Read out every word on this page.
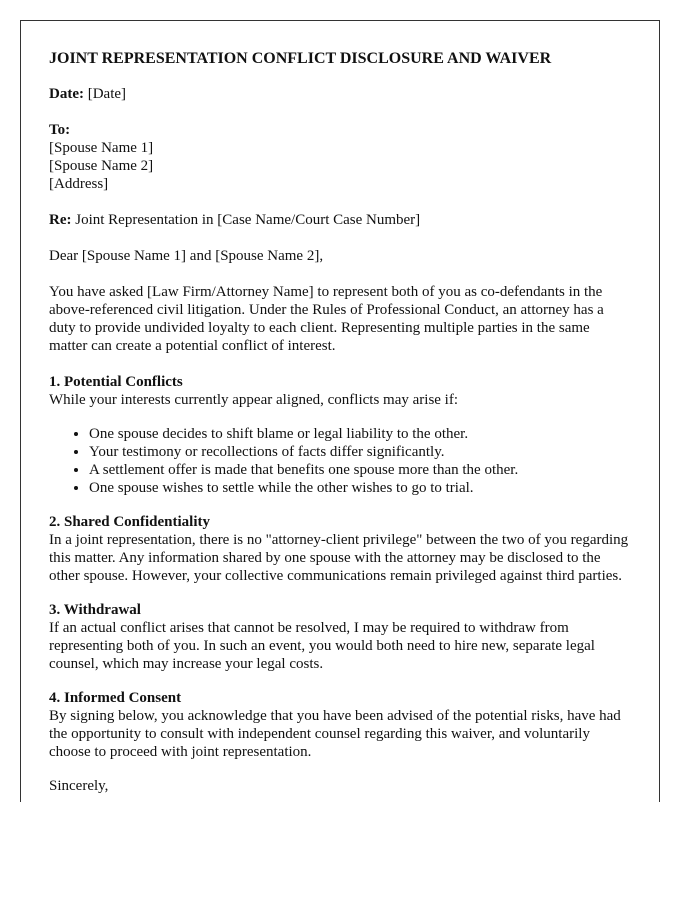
JOINT REPRESENTATION CONFLICT DISCLOSURE AND WAIVER
Date: [Date]
To:
[Spouse Name 1]
[Spouse Name 2]
[Address]
Re: Joint Representation in [Case Name/Court Case Number]

Dear [Spouse Name 1] and [Spouse Name 2],

You have asked [Law Firm/Attorney Name] to represent both of you as co-defendants in the above-referenced civil litigation. Under the Rules of Professional Conduct, an attorney has a duty to provide undivided loyalty to each client. Representing multiple parties in the same matter can create a potential conflict of interest.

1. Potential Conflicts

While your interests currently appear aligned, conflicts may arise if:

• One spouse decides to shift blame or legal liability to the other.
• Your testimony or recollections of facts differ significantly.
• A settlement offer is made that benefits one spouse more than the other.
• One spouse wishes to settle while the other wishes to go to trial.

2. Shared Confidentiality

In a joint representation, there is no "attorney-client privilege" between the two of you regarding this matter. Any information shared by one spouse with the attorney may be disclosed to the other spouse. However, your collective communications remain privileged against third parties.

3. Withdrawal

If an actual conflict arises that cannot be resolved, I may be required to withdraw from representing both of you. In such an event, you would both need to hire new, separate legal counsel, which may increase your legal costs.

4. Informed Consent

By signing below, you acknowledge that you have been advised of the potential risks, have had the opportunity to consult with independent counsel regarding this waiver, and voluntarily choose to proceed with joint representation.

Sincerely,
